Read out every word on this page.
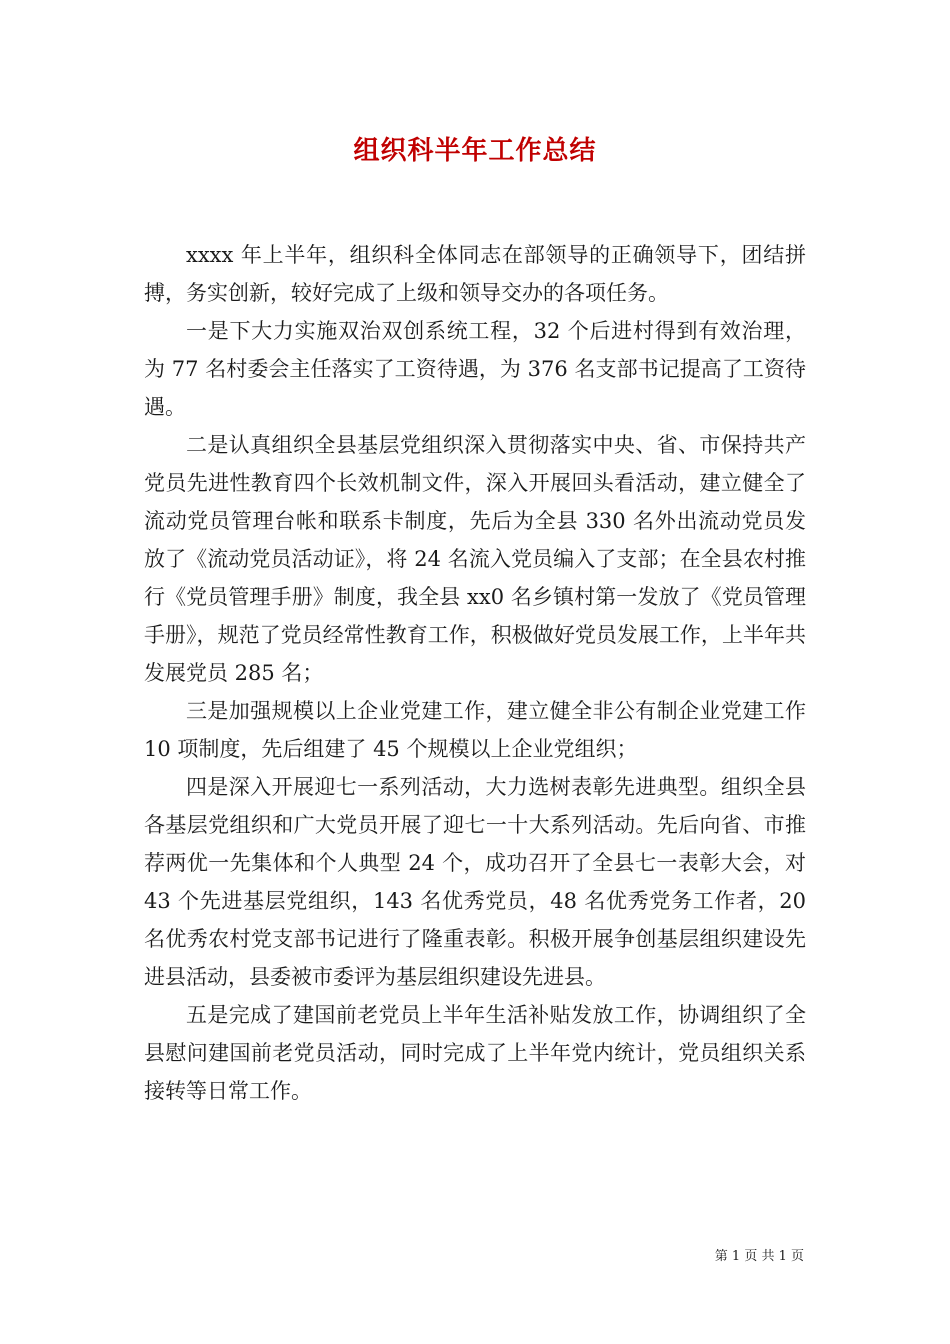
组织科半年工作总结

xxxx 年上半年，组织科全体同志在部领导的正确领导下，团结拼搏，务实创新，较好完成了上级和领导交办的各项任务。

一是下大力实施双治双创系统工程，32 个后进村得到有效治理，为 77 名村委会主任落实了工资待遇，为 376 名支部书记提高了工资待遇。

二是认真组织全县基层党组织深入贯彻落实中央、省、市保持共产党员先进性教育四个长效机制文件，深入开展回头看活动，建立健全了流动党员管理台帐和联系卡制度，先后为全县 330 名外出流动党员发放了《流动党员活动证》，将 24 名流入党员编入了支部；在全县农村推行《党员管理手册》制度，我全县 xx0 名乡镇村第一发放了《党员管理手册》，规范了党员经常性教育工作，积极做好党员发展工作，上半年共发展党员 285 名；

三是加强规模以上企业党建工作，建立健全非公有制企业党建工作 10 项制度，先后组建了 45 个规模以上企业党组织；

四是深入开展迎七一系列活动，大力选树表彰先进典型。组织全县各基层党组织和广大党员开展了迎七一十大系列活动。先后向省、市推荐两优一先集体和个人典型 24 个，成功召开了全县七一表彰大会，对 43 个先进基层党组织，143 名优秀党员，48 名优秀党务工作者，20 名优秀农村党支部书记进行了隆重表彰。积极开展争创基层组织建设先进县活动，县委被市委评为基层组织建设先进县。

五是完成了建国前老党员上半年生活补贴发放工作，协调组织了全县慰问建国前老党员活动，同时完成了上半年党内统计，党员组织关系接转等日常工作。

第 1 页 共 1 页
